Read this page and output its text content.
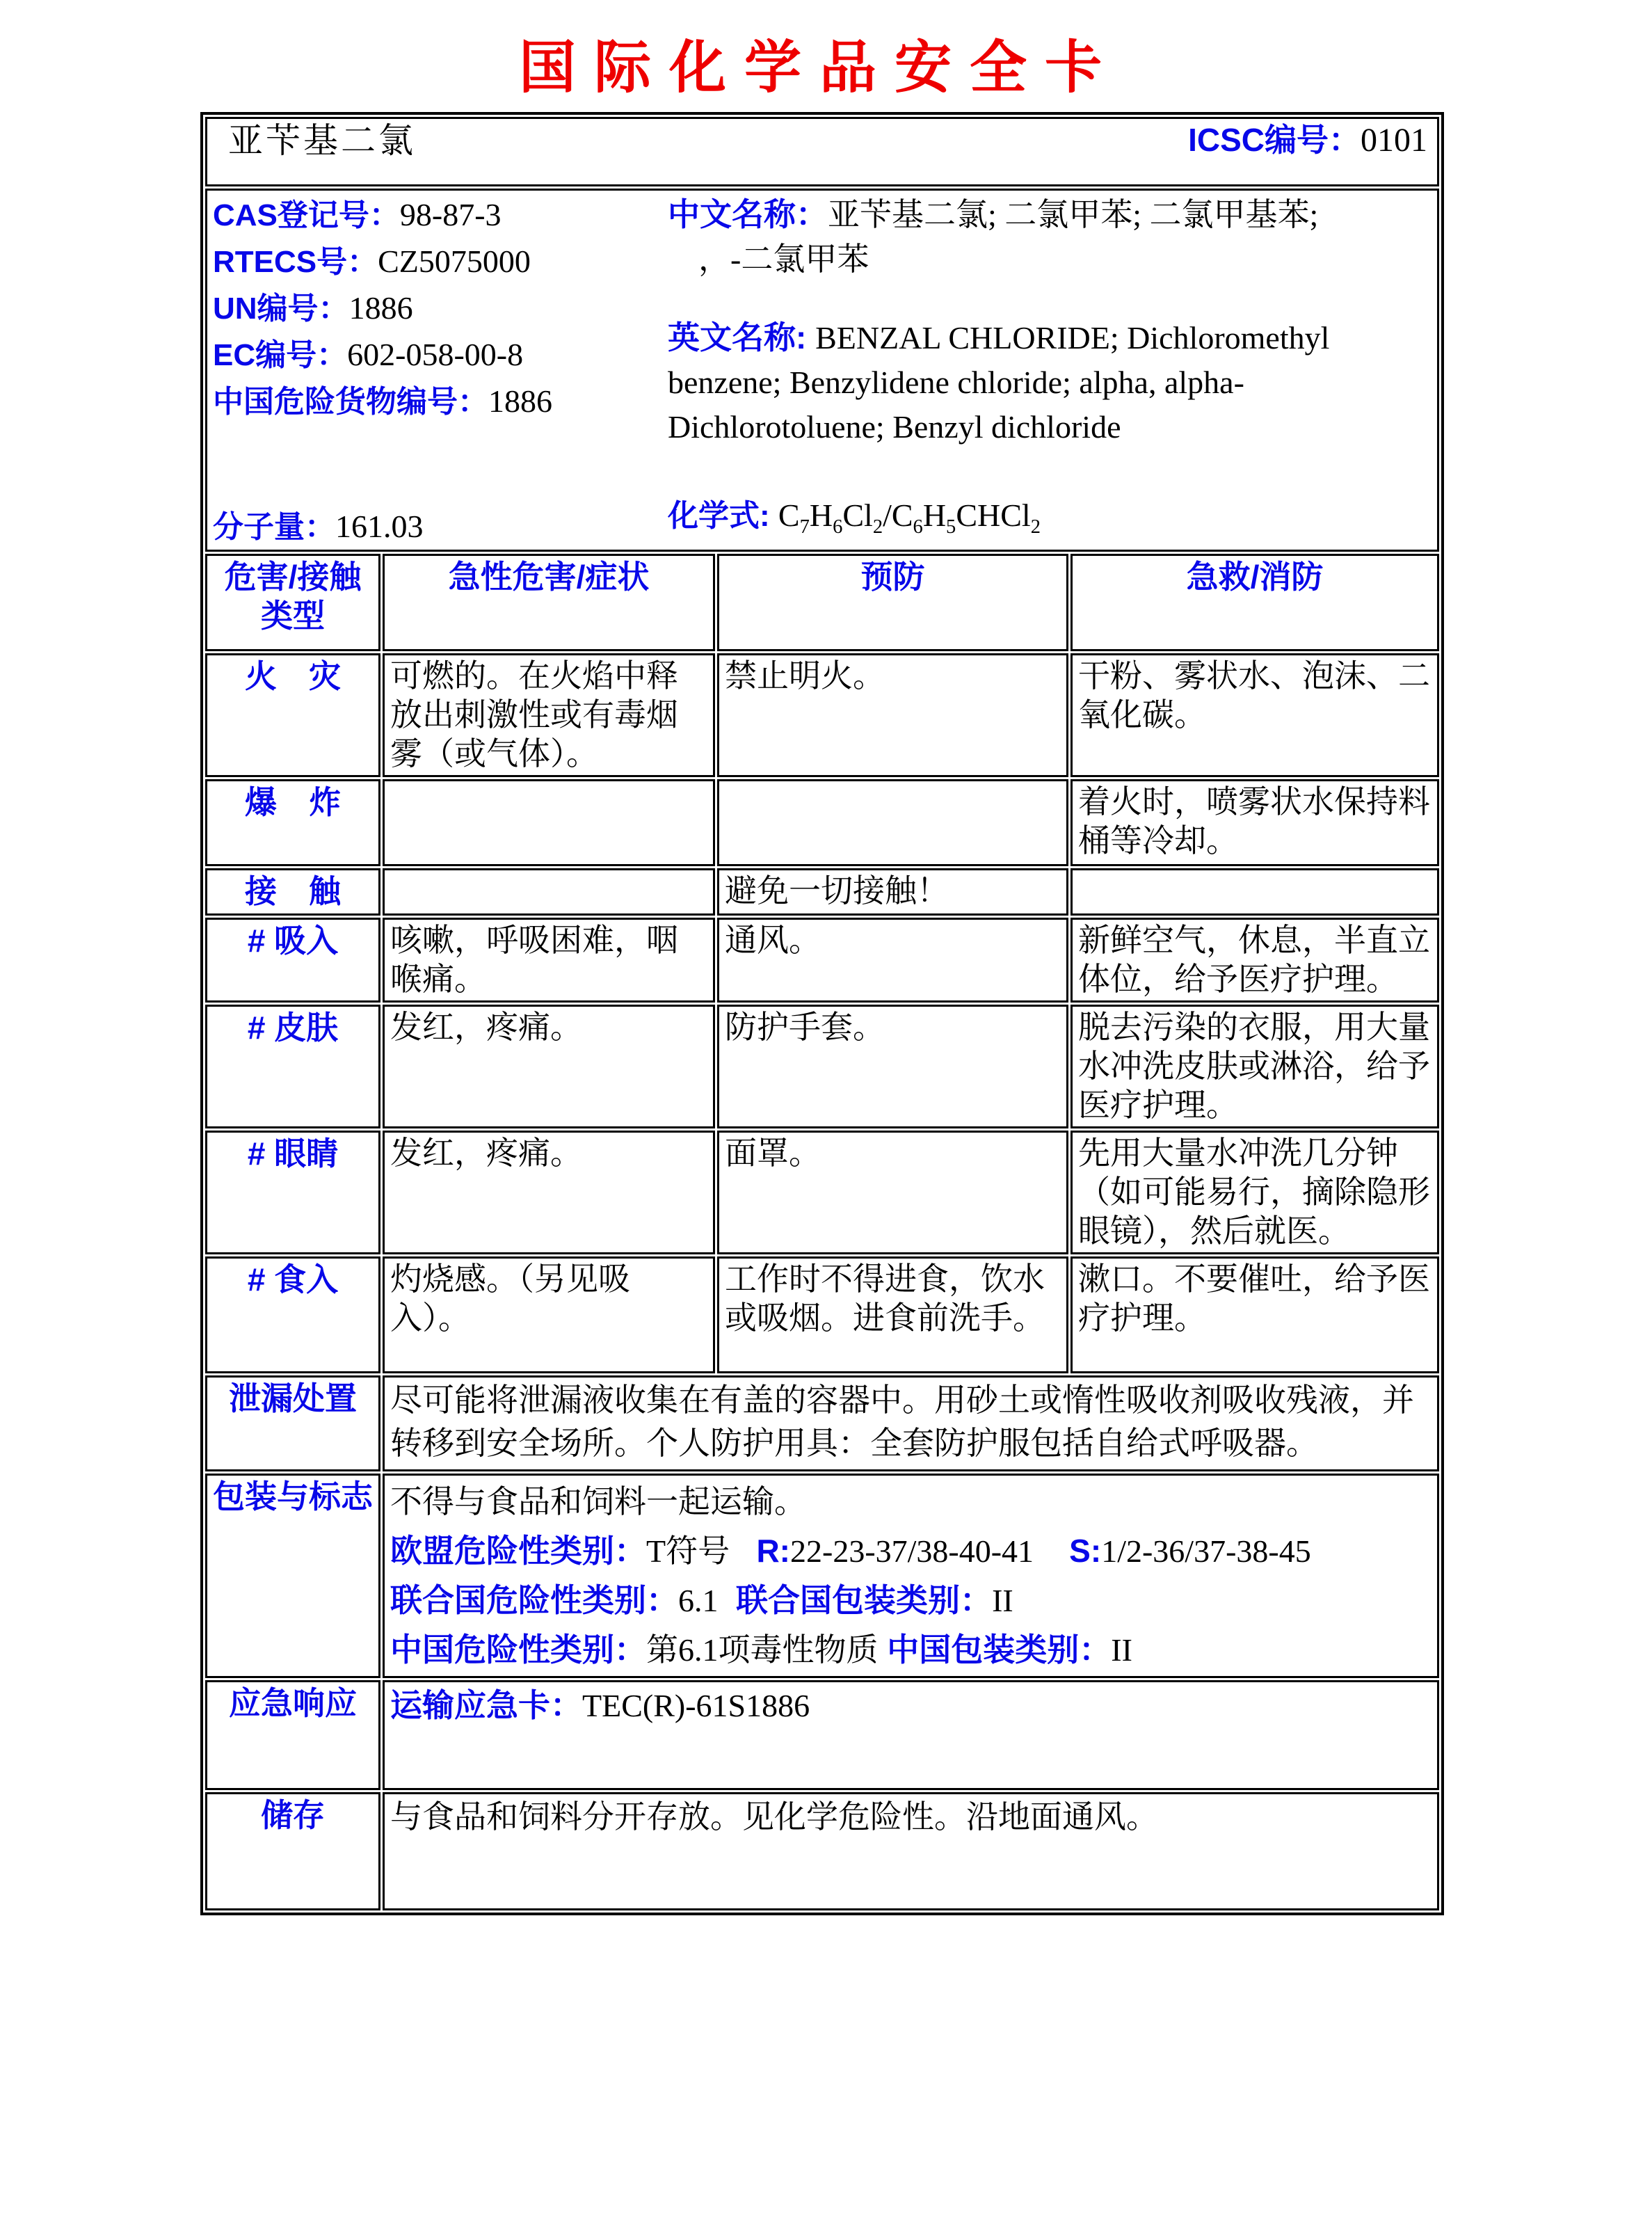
国际化学品安全卡
亚苄基二氯 ICSC编号：0101			

CAS登记号：98-87-3
RTECS号：CZ5075000
UN编号：1886
EC编号：602-058-00-8
中国危险货物编号：1886
分子量：161.03
中文名称：亚苄基二氯; 二氯甲苯; 二氯甲基苯;
，-二氯甲苯
英文名称: BENZAL CHLORIDE; Dichloromethyl benzene; Benzylidene chloride; alpha, alpha-Dichlorotoluene; Benzyl dichloride
化学式: $C_7H_6Cl_2/C_6H_5CHCl_2$

危害/接触类型	急性危害/症状	预防	急救/消防
火　灾	可燃的。在火焰中释放出刺激性或有毒烟雾（或气体）。	禁止明火。	干粉、雾状水、泡沫、二氧化碳。
爆　炸			着火时，喷雾状水保持料桶等冷却。
接　触		避免一切接触！	
# 吸入	咳嗽，呼吸困难，咽喉痛。	通风。	新鲜空气，休息，半直立体位，给予医疗护理。
# 皮肤	发红，疼痛。	防护手套。	脱去污染的衣服，用大量水冲洗皮肤或淋浴，给予医疗护理。
# 眼睛	发红，疼痛。	面罩。	先用大量水冲洗几分钟（如可能易行，摘除隐形眼镜），然后就医。
# 食入	灼烧感。（另见吸入）。	工作时不得进食，饮水或吸烟。进食前洗手。	漱口。不要催吐，给予医疗护理。
泄漏处置	尽可能将泄漏液收集在有盖的容器中。用砂土或惰性吸收剂吸收残液，并转移到安全场所。个人防护用具：全套防护服包括自给式呼吸器。		

包装与标志	不得与食品和饲料一起运输。
欧盟危险性类别：T符号   R:22-23-37/38-40-41    S:1/2-36/37-38-45
联合国危险性类别：6.1  联合国包装类别：II
中国危险性类别：第6.1项毒性物质 中国包装类别：II		

应急响应	运输应急卡：TEC(R)-61S1886		

储存	与食品和饲料分开存放。见化学危险性。沿地面通风。		
